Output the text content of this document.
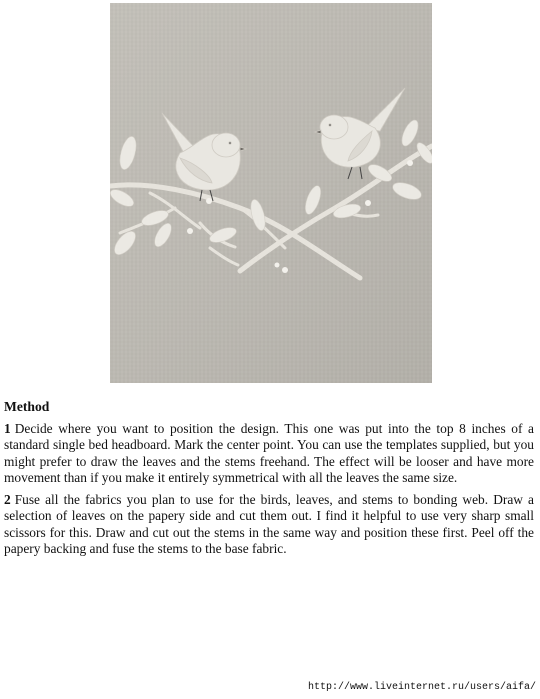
Method

1 Decide where you want to position the design. This one was put into the top 8 inches of a standard single bed headboard. Mark the center point. You can use the templates supplied, but you might prefer to draw the leaves and the stems freehand. The effect will be looser and have more movement than if you make it entirely symmetrical with all the leaves the same size.

2 Fuse all the fabrics you plan to use for the birds, leaves, and stems to bonding web. Draw a selection of leaves on the papery side and cut them out. I find it helpful to use very sharp small scissors for this. Draw and cut out the stems in the same way and position these first. Peel off the papery backing and fuse the stems to the base fabric.

http://www.liveinternet.ru/users/aifa/
